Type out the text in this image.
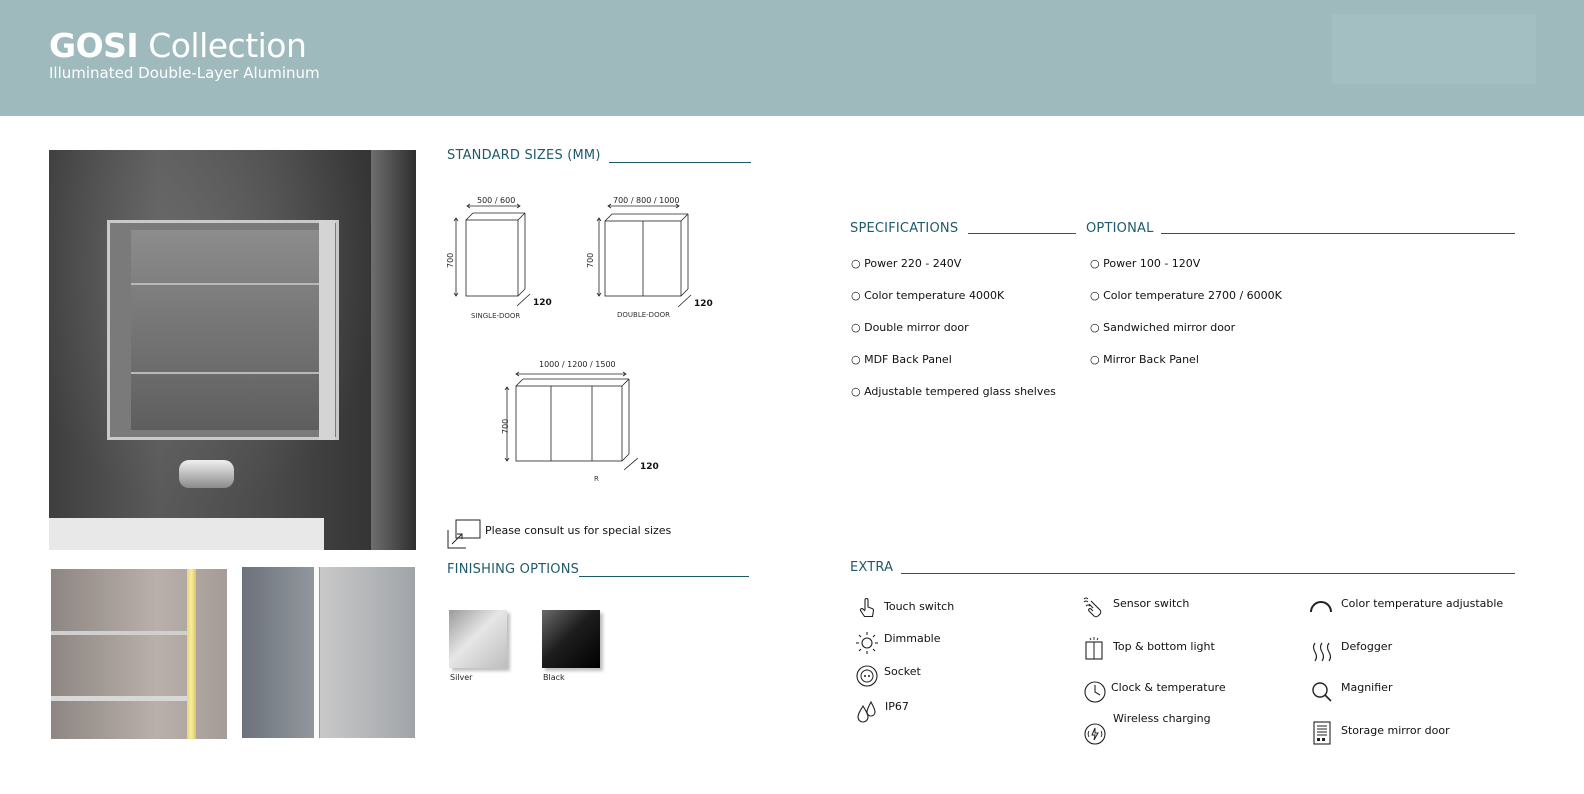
GOSI Collection
Illuminated Double-Layer Aluminum
STANDARD SIZES (MM)
500 / 600
700
120
SINGLE-DOOR
700 / 800 / 1000
700
120
DOUBLE-DOOR
1000 / 1200 / 1500
700
120
R
Please consult us for special sizes
FINISHING OPTIONS
Silver	Black
SPECIFICATIONS
○ Power 220 - 240V
○ Color temperature 4000K
○ Double mirror door
○ MDF Back Panel
○ Adjustable tempered glass shelves
OPTIONAL
○ Power 100 - 120V
○ Color temperature 2700 / 6000K
○ Sandwiched mirror door
○ Mirror Back Panel
EXTRA
Touch switch
Dimmable
Socket
IP67
Sensor switch
Top & bottom light
Clock & temperature
Wireless charging
Color temperature adjustable
Defogger
Magnifier
Storage mirror door
